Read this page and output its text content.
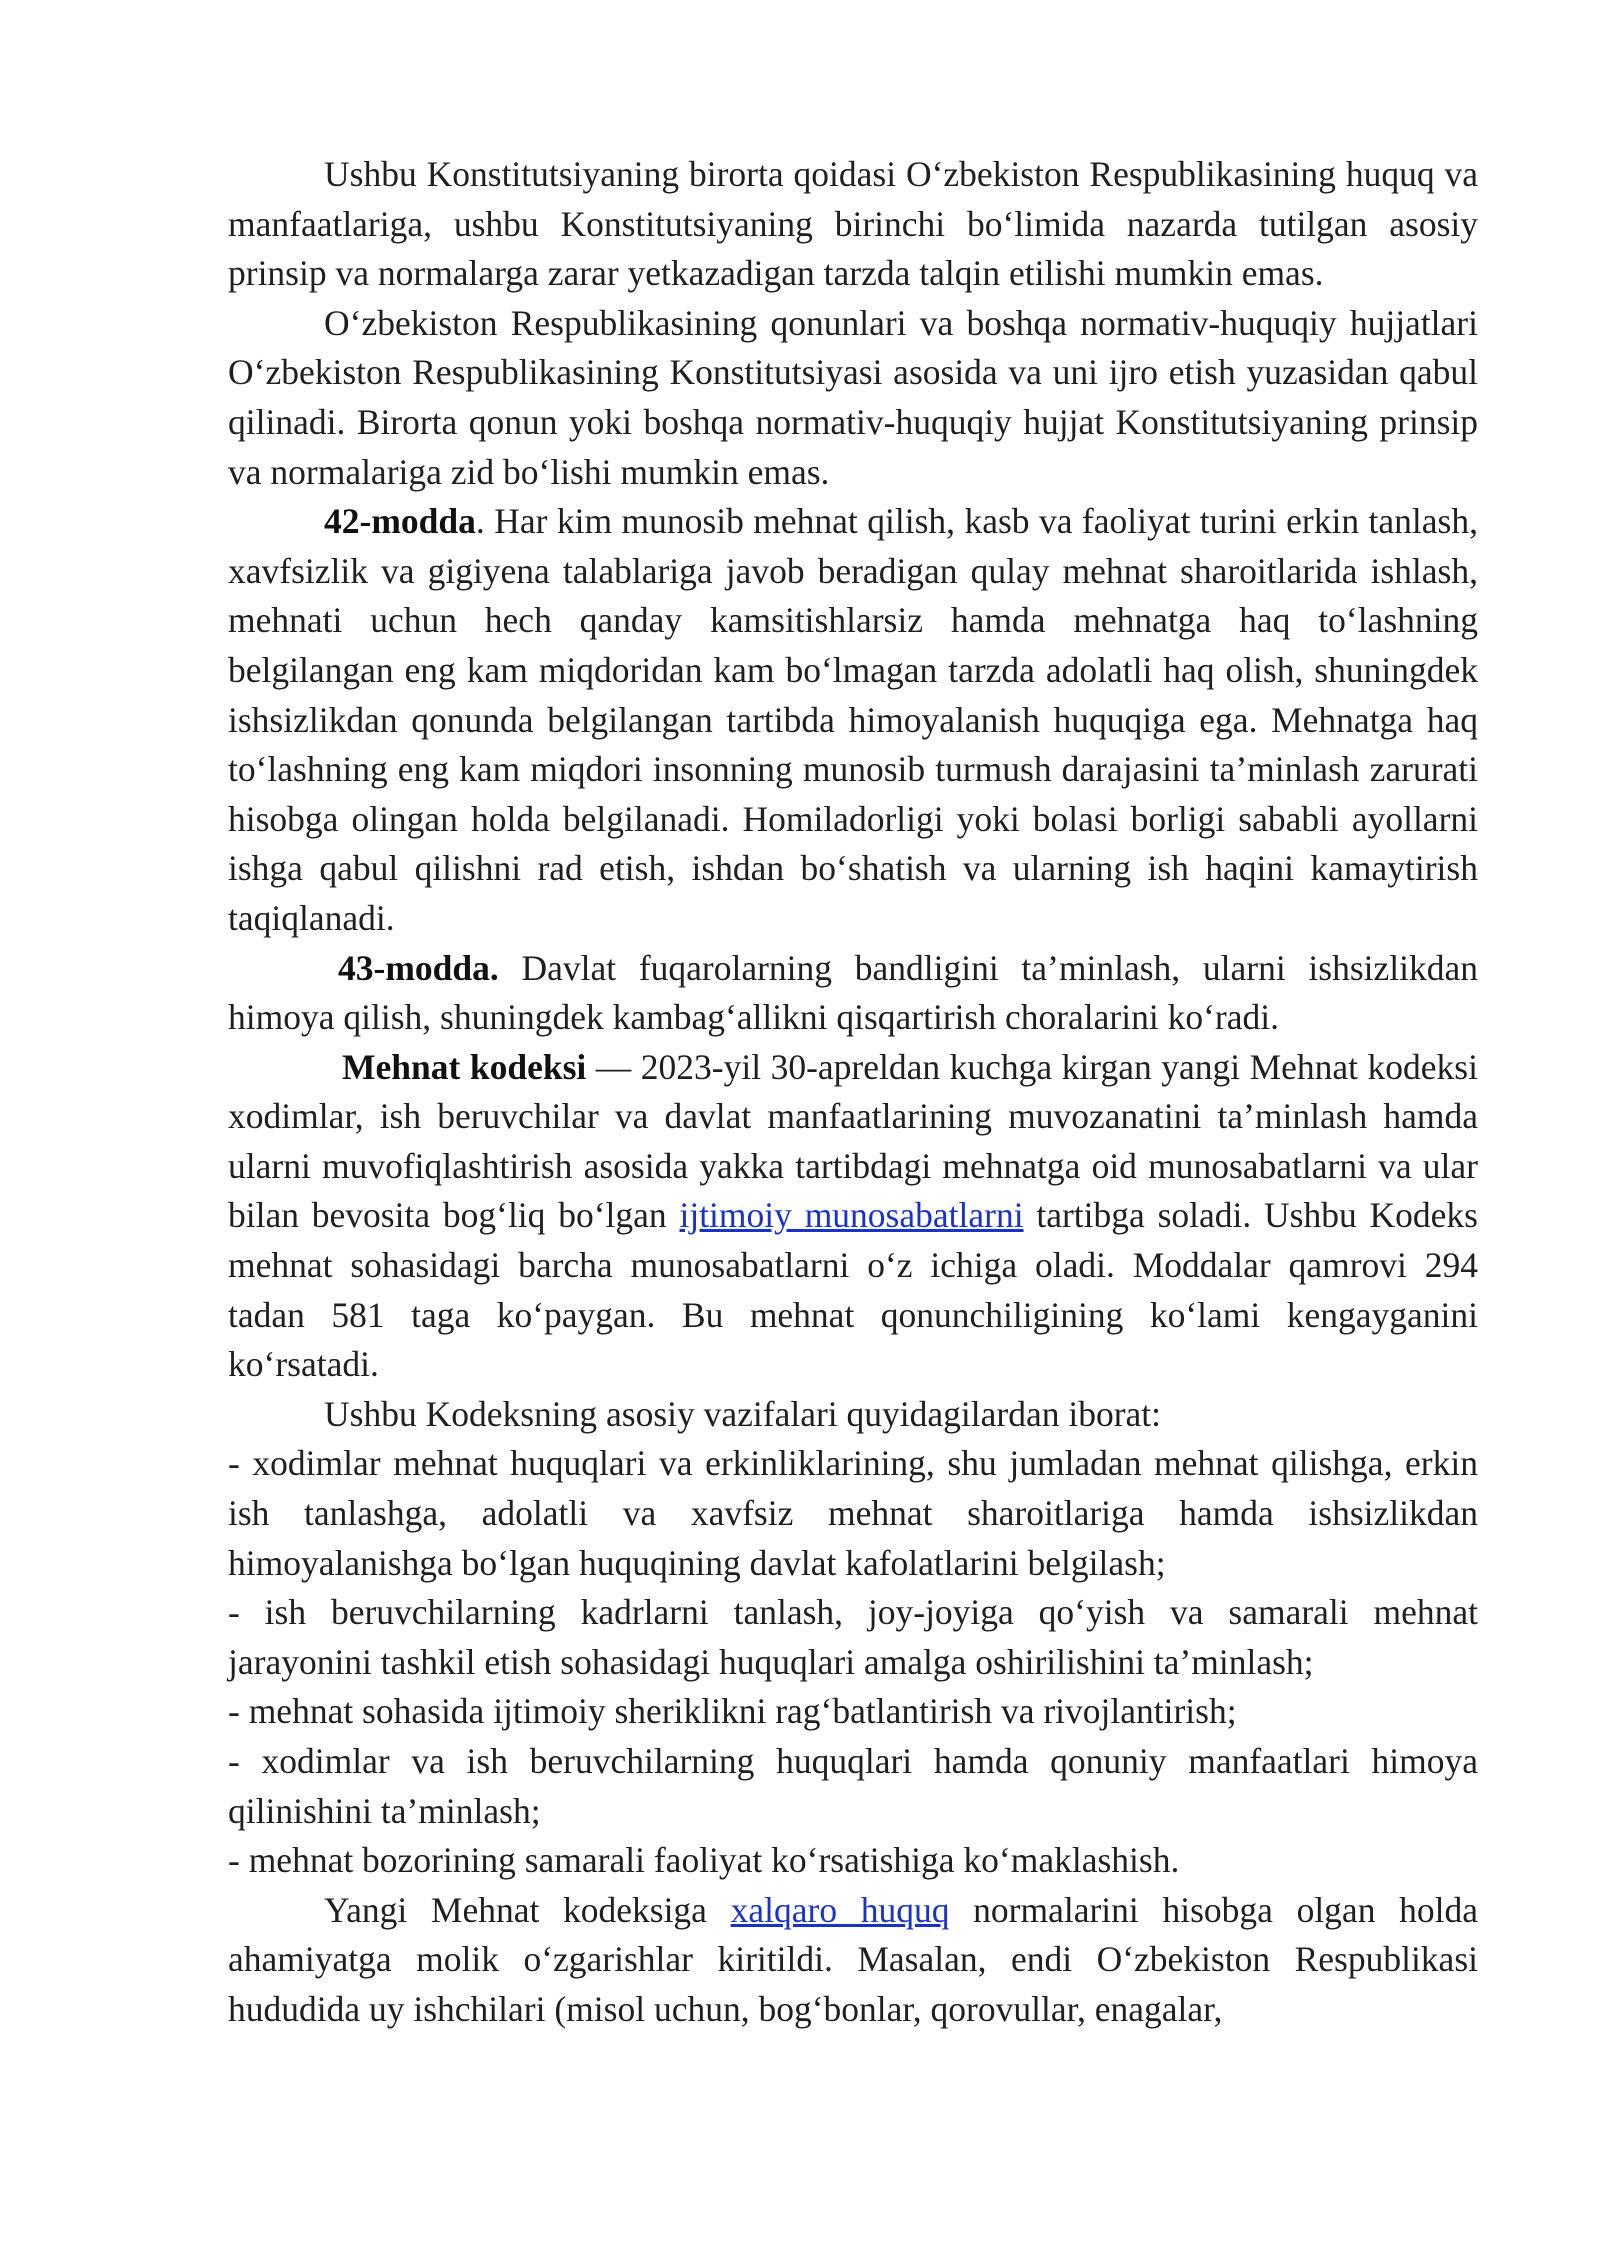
Ushbu Konstitutsiyaning birorta qoidasi O‘zbekiston Respublikasining huquq va manfaatlariga, ushbu Konstitutsiyaning birinchi bo‘limida nazarda tutilgan asosiy prinsip va normalarga zarar yetkazadigan tarzda talqin etilishi mumkin emas.

O‘zbekiston Respublikasining qonunlari va boshqa normativ-huquqiy hujjatlari O‘zbekiston Respublikasining Konstitutsiyasi asosida va uni ijro etish yuzasidan qabul qilinadi. Birorta qonun yoki boshqa normativ-huquqiy hujjat Konstitutsiyaning prinsip va normalariga zid bo‘lishi mumkin emas.

42-modda. Har kim munosib mehnat qilish, kasb va faoliyat turini erkin tanlash, xavfsizlik va gigiyena talablariga javob beradigan qulay mehnat sharoitlarida ishlash, mehnati uchun hech qanday kamsitishlarsiz hamda mehnatga haq to‘lashning belgilangan eng kam miqdoridan kam bo‘lmagan tarzda adolatli haq olish, shuningdek ishsizlikdan qonunda belgilangan tartibda himoyalanish huquqiga ega. Mehnatga haq to‘lashning eng kam miqdori insonning munosib turmush darajasini ta’minlash zarurati hisobga olingan holda belgilanadi. Homiladorligi yoki bolasi borligi sababli ayollarni ishga qabul qilishni rad etish, ishdan bo‘shatish va ularning ish haqini kamaytirish taqiqlanadi.

43-modda. Davlat fuqarolarning bandligini ta’minlash, ularni ishsizlikdan himoya qilish, shuningdek kambag‘allikni qisqartirish choralarini ko‘radi.

Mehnat kodeksi — 2023-yil 30-apreldan kuchga kirgan yangi Mehnat kodeksi xodimlar, ish beruvchilar va davlat manfaatlarining muvozanatini ta’minlash hamda ularni muvofiqlashtirish asosida yakka tartibdagi mehnatga oid munosabatlarni va ular bilan bevosita bog‘liq bo‘lgan ijtimoiy munosabatlarni tartibga soladi. Ushbu Kodeks mehnat sohasidagi barcha munosabatlarni o‘z ichiga oladi. Moddalar qamrovi 294 tadan 581 taga ko‘paygan. Bu mehnat qonunchiligining ko‘lami kengayganini ko‘rsatadi.

Ushbu Kodeksning asosiy vazifalari quyidagilardan iborat:

- xodimlar mehnat huquqlari va erkinliklarining, shu jumladan mehnat qilishga, erkin ish tanlashga, adolatli va xavfsiz mehnat sharoitlariga hamda ishsizlikdan himoyalanishga bo‘lgan huquqining davlat kafolatlarini belgilash;

- ish beruvchilarning kadrlarni tanlash, joy-joyiga qo‘yish va samarali mehnat jarayonini tashkil etish sohasidagi huquqlari amalga oshirilishini ta’minlash;

- mehnat sohasida ijtimoiy sheriklikni rag‘batlantirish va rivojlantirish;

- xodimlar va ish beruvchilarning huquqlari hamda qonuniy manfaatlari himoya qilinishini ta’minlash;

- mehnat bozorining samarali faoliyat ko‘rsatishiga ko‘maklashish.

Yangi Mehnat kodeksiga xalqaro huquq normalarini hisobga olgan holda ahamiyatga molik o‘zgarishlar kiritildi. Masalan, endi O‘zbekiston Respublikasi hududida uy ishchilari (misol uchun, bog‘bonlar, qorovullar, enagalar,
